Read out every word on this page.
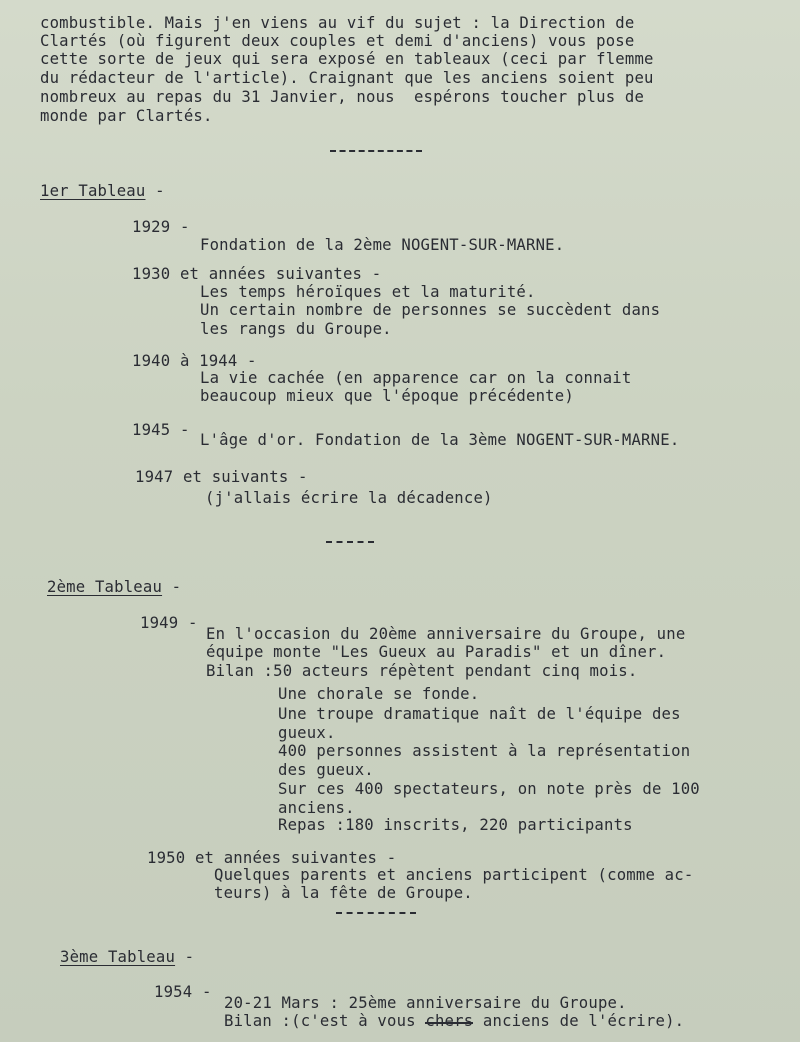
combustible. Mais j'en viens au vif du sujet : la Direction de
Clartés (où figurent deux couples et demi d'anciens) vous pose
cette sorte de jeux qui sera exposé en tableaux (ceci par flemme
du rédacteur de l'article). Craignant que les anciens soient peu
nombreux au repas du 31 Janvier, nous  espérons toucher plus de
monde par Clartés.
1er Tableau -
1929 -
Fondation de la 2ème NOGENT-SUR-MARNE.
1930 et années suivantes -
Les temps héroïques et la maturité.
Un certain nombre de personnes se succèdent dans
les rangs du Groupe.
1940 à 1944 -
La vie cachée (en apparence car on la connait
beaucoup mieux que l'époque précédente)
1945 -
L'âge d'or. Fondation de la 3ème NOGENT-SUR-MARNE.
1947 et suivants -
(j'allais écrire la décadence)
2ème Tableau -
1949 -
En l'occasion du 20ème anniversaire du Groupe, une
équipe monte "Les Gueux au Paradis" et un dîner.
Bilan :50 acteurs répètent pendant cinq mois.
Une chorale se fonde.
Une troupe dramatique naît de l'équipe des
gueux.
400 personnes assistent à la représentation
des gueux.
Sur ces 400 spectateurs, on note près de 100
anciens.
Repas :180 inscrits, 220 participants
1950 et années suivantes -
Quelques parents et anciens participent (comme ac-
teurs) à la fête de Groupe.
3ème Tableau -
1954 -
20-21 Mars : 25ème anniversaire du Groupe.
Bilan :(c'est à vous chers anciens de l'écrire).
